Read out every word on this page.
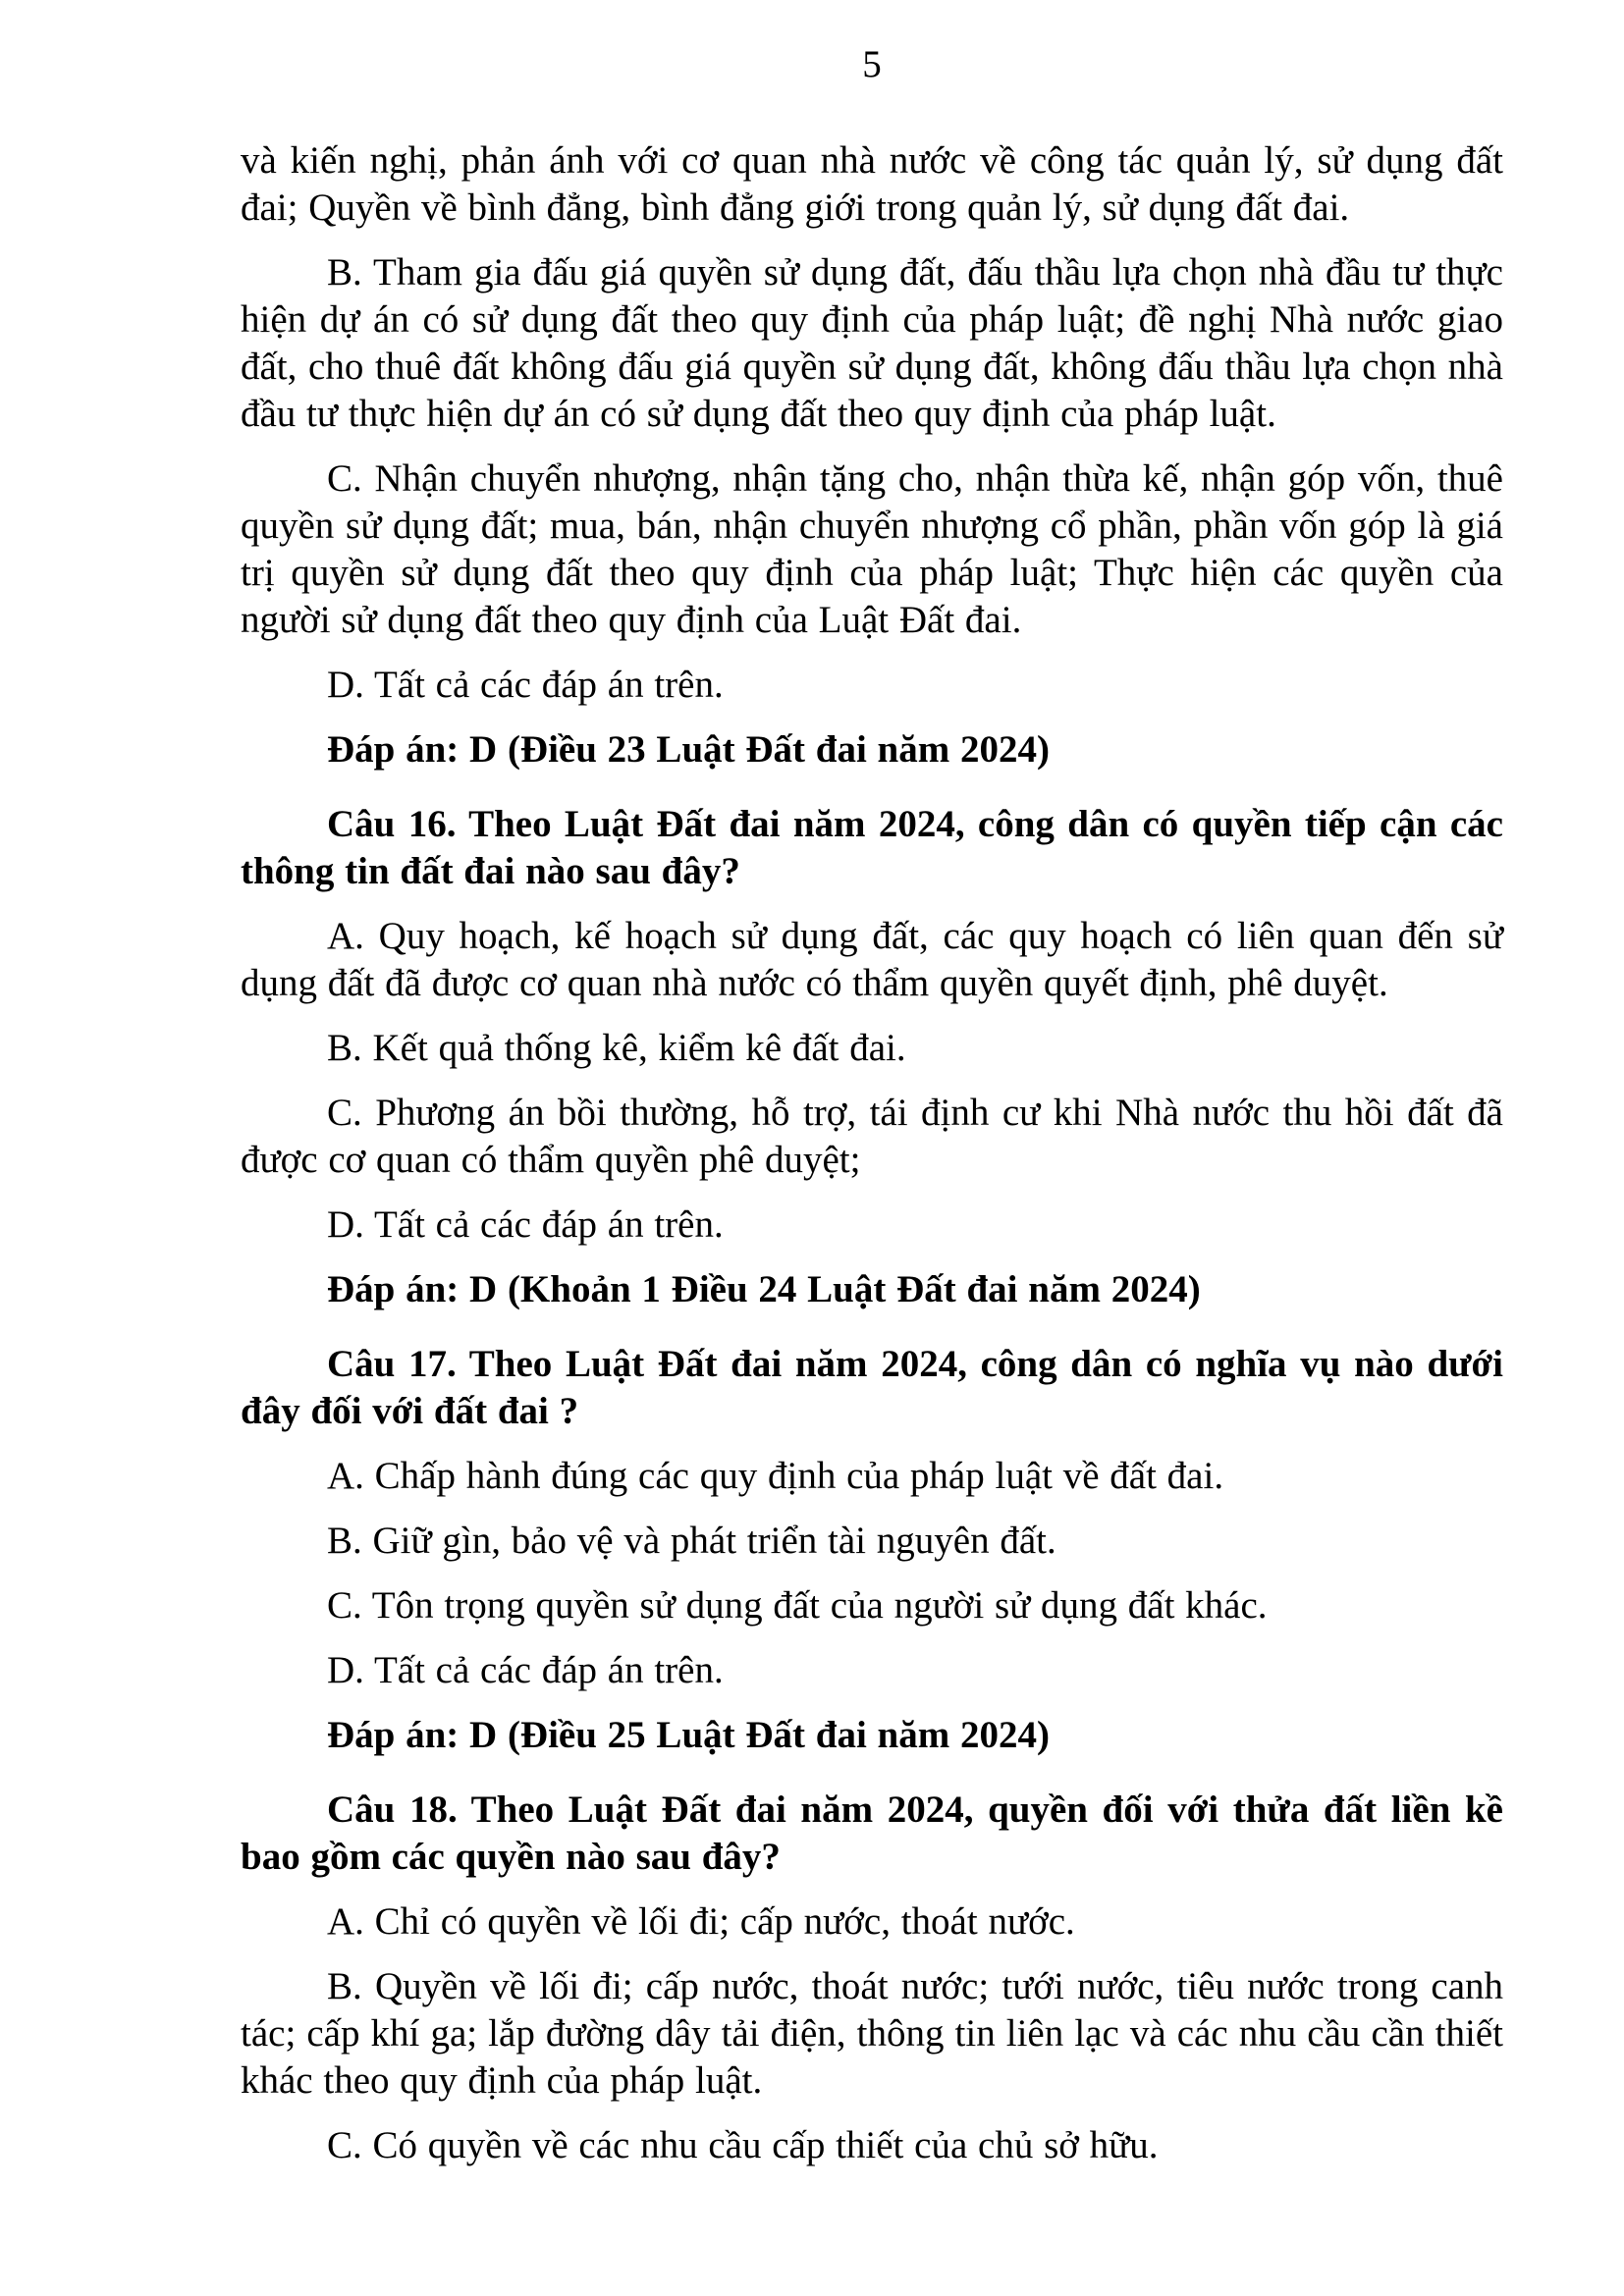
5

và kiến nghị, phản ánh với cơ quan nhà nước về công tác quản lý, sử dụng đất đai; Quyền về bình đẳng, bình đẳng giới trong quản lý, sử dụng đất đai.

B. Tham gia đấu giá quyền sử dụng đất, đấu thầu lựa chọn nhà đầu tư thực hiện dự án có sử dụng đất theo quy định của pháp luật; đề nghị Nhà nước giao đất, cho thuê đất không đấu giá quyền sử dụng đất, không đấu thầu lựa chọn nhà đầu tư thực hiện dự án có sử dụng đất theo quy định của pháp luật.

C. Nhận chuyển nhượng, nhận tặng cho, nhận thừa kế, nhận góp vốn, thuê quyền sử dụng đất; mua, bán, nhận chuyển nhượng cổ phần, phần vốn góp là giá trị quyền sử dụng đất theo quy định của pháp luật; Thực hiện các quyền của người sử dụng đất theo quy định của Luật Đất đai.

D. Tất cả các đáp án trên.

Đáp án: D (Điều 23 Luật Đất đai năm 2024)

Câu 16. Theo Luật Đất đai năm 2024, công dân có quyền tiếp cận các thông tin đất đai nào sau đây?

A. Quy hoạch, kế hoạch sử dụng đất, các quy hoạch có liên quan đến sử dụng đất đã được cơ quan nhà nước có thẩm quyền quyết định, phê duyệt.

B. Kết quả thống kê, kiểm kê đất đai.

C. Phương án bồi thường, hỗ trợ, tái định cư khi Nhà nước thu hồi đất đã được cơ quan có thẩm quyền phê duyệt;

D. Tất cả các đáp án trên.

Đáp án: D (Khoản 1 Điều 24 Luật Đất đai năm 2024)

Câu 17. Theo Luật Đất đai năm 2024, công dân có nghĩa vụ nào dưới đây đối với đất đai ?

A. Chấp hành đúng các quy định của pháp luật về đất đai.

B. Giữ gìn, bảo vệ và phát triển tài nguyên đất.

C. Tôn trọng quyền sử dụng đất của người sử dụng đất khác.

D. Tất cả các đáp án trên.

Đáp án: D (Điều 25 Luật Đất đai năm 2024)

Câu 18. Theo Luật Đất đai năm 2024, quyền đối với thửa đất liền kề bao gồm các quyền nào sau đây?

A. Chỉ có quyền về lối đi; cấp nước, thoát nước.

B. Quyền về lối đi; cấp nước, thoát nước; tưới nước, tiêu nước trong canh tác; cấp khí ga; lắp đường dây tải điện, thông tin liên lạc và các nhu cầu cần thiết khác theo quy định của pháp luật.

C. Có quyền về các nhu cầu cấp thiết của chủ sở hữu.
